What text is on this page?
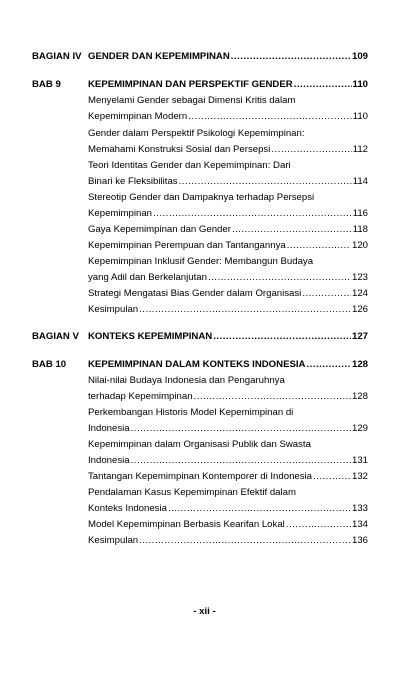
BAGIAN IV GENDER DAN KEPEMIMPINAN .....	109
BAB 9	KEPEMIMPINAN DAN PERSPEKTIF GENDER .....	110
Menyelami Gender sebagai Dimensi Kritis dalam
Kepemimpinan Modern .....	110
Gender dalam Perspektif Psikologi Kepemimpinan:
Memahami Konstruksi Sosial dan Persepsi .....	112
Teori Identitas Gender dan Kepemimpinan: Dari
Binari ke Fleksibilitas .....	114
Stereotip Gender dan Dampaknya terhadap Persepsi
Kepemimpinan .....	116
Gaya Kepemimpinan dan Gender .....	118
Kepemimpinan Perempuan dan Tantangannya .....	120
Kepemimpinan Inklusif Gender: Membangun Budaya
yang Adil dan Berkelanjutan .....	123
Strategi Mengatasi Bias Gender dalam Organisasi .....	124
Kesimpulan .....	126
BAGIAN V KONTEKS KEPEMIMPINAN .....	127
BAB 10 KEPEMIMPINAN DALAM KONTEKS INDONESIA .....	128
Nilai-nilai Budaya Indonesia dan Pengaruhnya
terhadap Kepemimpinan .....	128
Perkembangan Historis Model Kepemimpinan di
Indonesia .....	129
Kepemimpinan dalam Organisasi Publik dan Swasta
Indonesia .....	131
Tantangan Kepemimpinan Kontemporer di Indonesia .....	132
Pendalaman Kasus Kepemimpinan Efektif dalam
Konteks Indonesia .....	133
Model Kepemimpinan Berbasis Kearifan Lokal .....	134
Kesimpulan .....	136
- xii -
